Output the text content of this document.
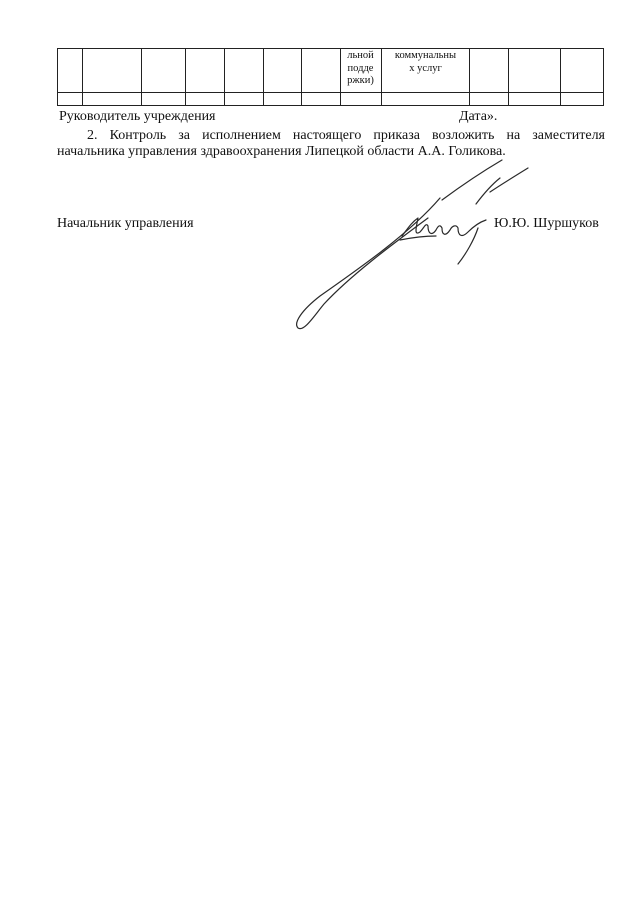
льной
подде
ржки)
коммунальны
х услуг
Руководитель учреждения	Дата».

2. Контроль за исполнением настоящего приказа возложить на заместителя

начальника управления здравоохранения Липецкой области А.А. Голикова.

Начальник управления	Ю.Ю. Шуршуков
